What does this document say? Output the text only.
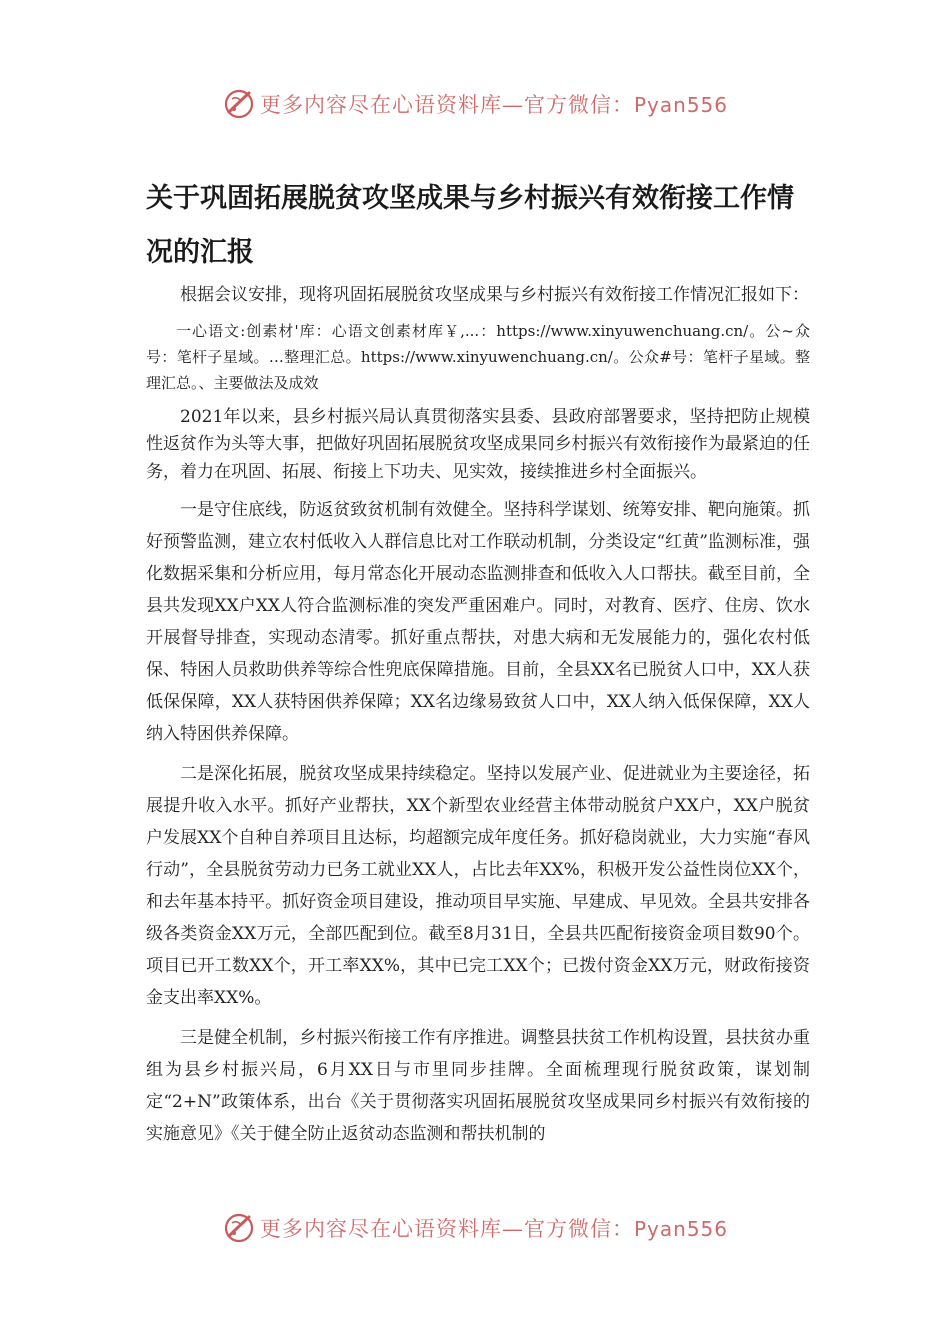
更多内容尽在心语资料库—官方微信：Pyan556
关于巩固拓展脱贫攻坚成果与乡村振兴有效衔接工作情况的汇报

根据会议安排，现将巩固拓展脱贫攻坚成果与乡村振兴有效衔接工作情况汇报如下：

一心语文:创素材'库：心语文创素材库￥,...：https://www.xinyuwenchuang.cn/。公~众号：笔杆子星域。…整理汇总。https://www.xinyuwenchuang.cn/。公众#号：笔杆子星域。整理汇总。、主要做法及成效

2021年以来，县乡村振兴局认真贯彻落实县委、县政府部署要求，坚持把防止规模性返贫作为头等大事，把做好巩固拓展脱贫攻坚成果同乡村振兴有效衔接作为最紧迫的任务，着力在巩固、拓展、衔接上下功夫、见实效，接续推进乡村全面振兴。

一是守住底线，防返贫致贫机制有效健全。坚持科学谋划、统筹安排、靶向施策。抓好预警监测，建立农村低收入人群信息比对工作联动机制，分类设定“红黄”监测标准，强化数据采集和分析应用，每月常态化开展动态监测排查和低收入人口帮扶。截至目前，全县共发现XX户XX人符合监测标准的突发严重困难户。同时，对教育、医疗、住房、饮水开展督导排查，实现动态清零。抓好重点帮扶，对患大病和无发展能力的，强化农村低保、特困人员救助供养等综合性兜底保障措施。目前，全县XX名已脱贫人口中，XX人获低保保障，XX人获特困供养保障；XX名边缘易致贫人口中，XX人纳入低保保障，XX人纳入特困供养保障。

二是深化拓展，脱贫攻坚成果持续稳定。坚持以发展产业、促进就业为主要途径，拓展提升收入水平。抓好产业帮扶，XX个新型农业经营主体带动脱贫户XX户，XX户脱贫户发展XX个自种自养项目且达标，均超额完成年度任务。抓好稳岗就业，大力实施“春风行动”，全县脱贫劳动力已务工就业XX人，占比去年XX%，积极开发公益性岗位XX个，和去年基本持平。抓好资金项目建设，推动项目早实施、早建成、早见效。全县共安排各级各类资金XX万元，全部匹配到位。截至8月31日，全县共匹配衔接资金项目数90个。项目已开工数XX个，开工率XX%，其中已完工XX个；已拨付资金XX万元，财政衔接资金支出率XX%。

三是健全机制，乡村振兴衔接工作有序推进。调整县扶贫工作机构设置，县扶贫办重组为县乡村振兴局，6月XX日与市里同步挂牌。全面梳理现行脱贫政策，谋划制定“2+N”政策体系，出台《关于贯彻落实巩固拓展脱贫攻坚成果同乡村振兴有效衔接的实施意见》《关于健全防止返贫动态监测和帮扶机制的

更多内容尽在心语资料库—官方微信：Pyan556
